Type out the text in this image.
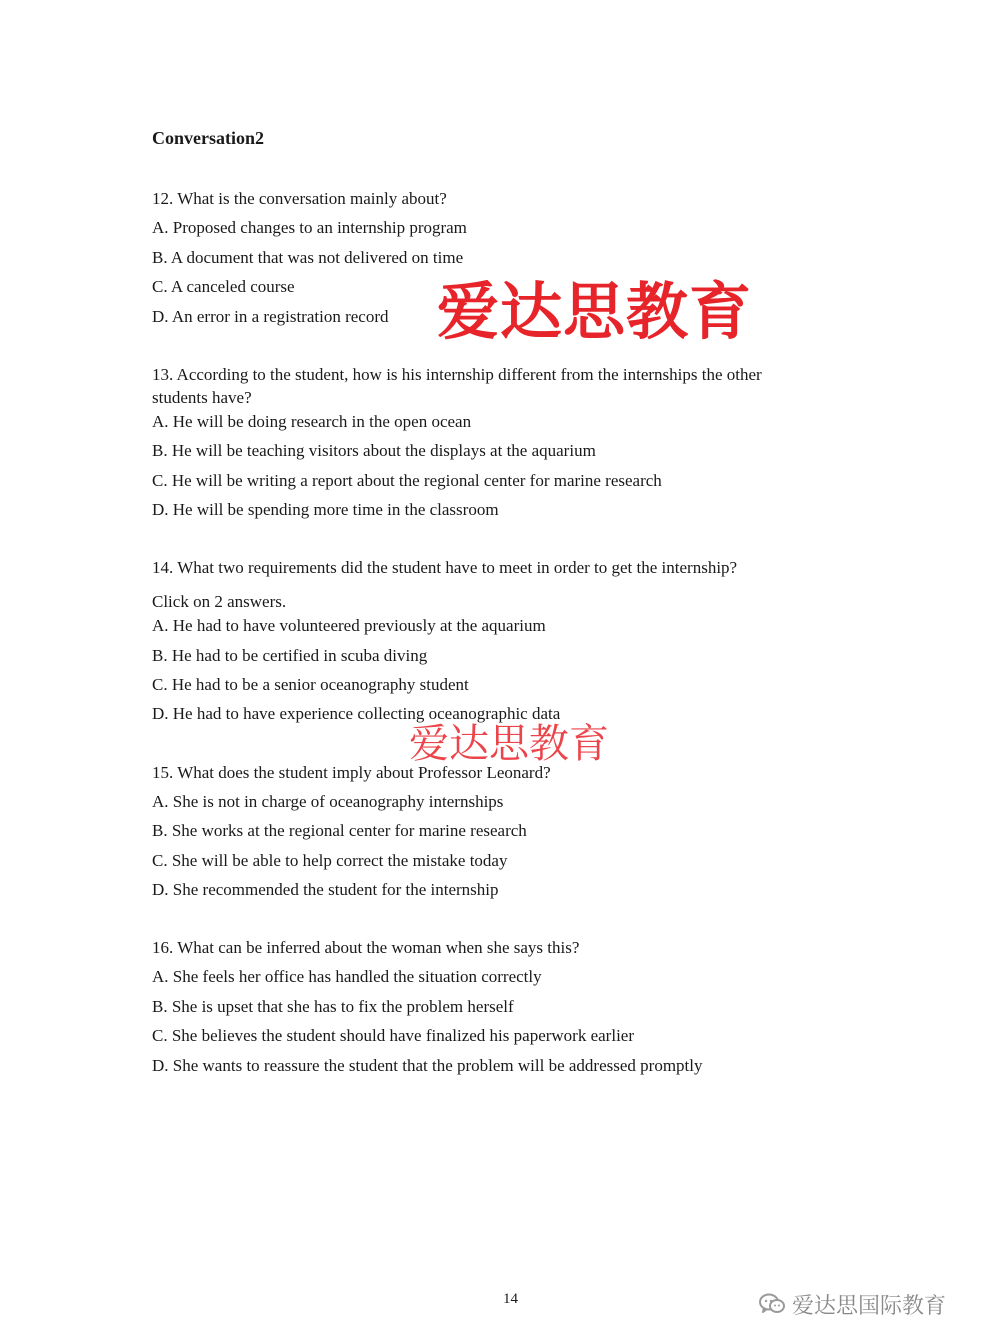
Conversation2
12. What is the conversation mainly about?
A. Proposed changes to an internship program
B. A document that was not delivered on time
C. A canceled course
D. An error in a registration record 爱达思教育
13. According to the student, how is his internship different from the internships the other
students have?
A. He will be doing research in the open ocean
B. He will be teaching visitors about the displays at the aquarium
C. He will be writing a report about the regional center for marine research
D. He will be spending more time in the classroom
14. What two requirements did the student have to meet in order to get the internship?
Click on 2 answers.
A. He had to have volunteered previously at the aquarium
B. He had to be certified in scuba diving
C. He had to be a senior oceanography student
D. He had to have experience collecting oceanographic data
爱达思教育
15. What does the student imply about Professor Leonard?
A. She is not in charge of oceanography internships
B. She works at the regional center for marine research
C. She will be able to help correct the mistake today
D. She recommended the student for the internship
16. What can be inferred about the woman when she says this?
A. She feels her office has handled the situation correctly
B. She is upset that she has to fix the problem herself
C. She believes the student should have finalized his paperwork earlier
D. She wants to reassure the student that the problem will be addressed promptly
14	爱达思国际教育
